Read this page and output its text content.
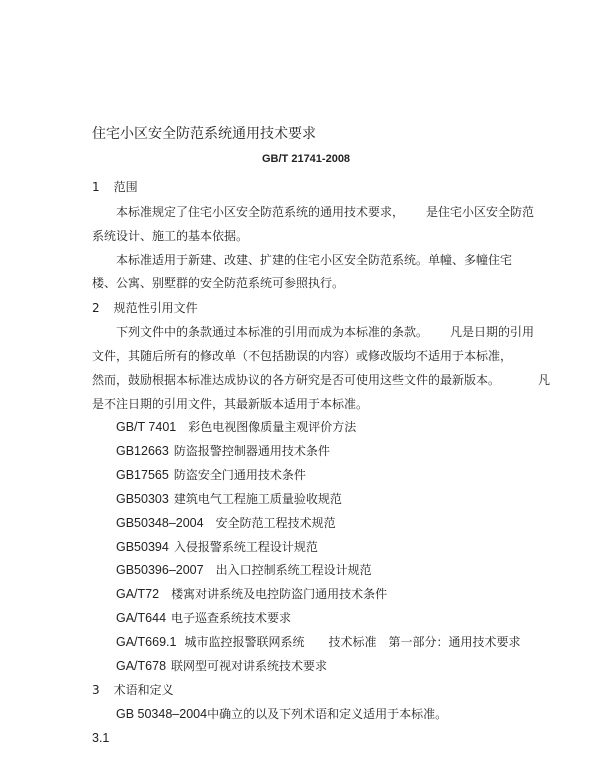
住宅小区安全防范系统通用技术要求
GB/T 21741-2008
1 范围
本标准规定了住宅小区安全防范系统的通用技术要求， 是住宅小区安全防范
系统设计、施工的基本依据。
本标准适用于新建、改建、扩建的住宅小区安全防范系统。单幢、多幢住宅
楼、公寓、别墅群的安全防范系统可参照执行。
2 规范性引用文件
下列文件中的条款通过本标准的引用而成为本标准的条款。 凡是日期的引用
文件，其随后所有的修改单（不包括勘误的内容）或修改版均不适用于本标准，
然而，鼓励根据本标准达成协议的各方研究是否可使用这些文件的最新版本。	凡
是不注日期的引用文件，其最新版本适用于本标准。
GB/T 7401 彩色电视图像质量主观评价方法
GB12663 防盗报警控制器通用技术条件
GB17565 防盗安全门通用技术条件
GB50303 建筑电气工程施工质量验收规范
GB50348–2004 安全防范工程技术规范
GB50394 入侵报警系统工程设计规范
GB50396–2007 出入口控制系统工程设计规范
GA/T72 楼寓对讲系统及电控防盗门通用技术条件
GA/T644 电子巡查系统技术要求
GA/T669.1 城市监控报警联网系统 技术标准 第一部分：通用技术要求
GA/T678 联网型可视对讲系统技术要求
3 术语和定义
GB 50348–2004中确立的以及下列术语和定义适用于本标准。
3.1
